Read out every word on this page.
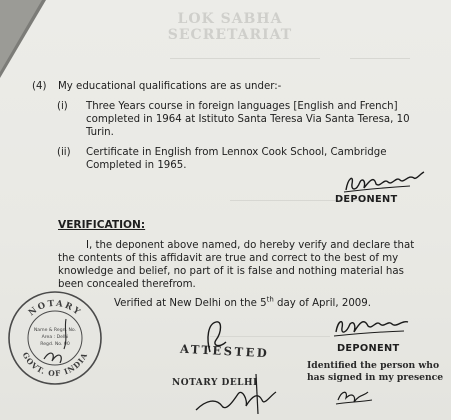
LOK SABHA SECRETARIAT
(4) My educational qualifications are as under:-
(i) Three Years course in foreign languages [English and French]
completed in 1964 at Istituto Santa Teresa Via Santa Teresa, 10
Turin.
(ii) Certificate in English from Lennox Cook School, Cambridge
Completed in 1965.
DEPONENT
VERIFICATION:
I, the deponent above named, do hereby verify and declare that
the contents of this affidavit are true and correct to the best of my
knowledge and belief, no part of it is false and nothing material has
been concealed therefrom.
Verified at New Delhi on the 5th day of April, 2009.
DEPONENT
NOTARY
GOVT. OF INDIA
Name & Regn. No.
Area : Delhi
Regd. No. 00	ATTESTED
NOTARY DELHI
Identified the person who
has signed in my presence
